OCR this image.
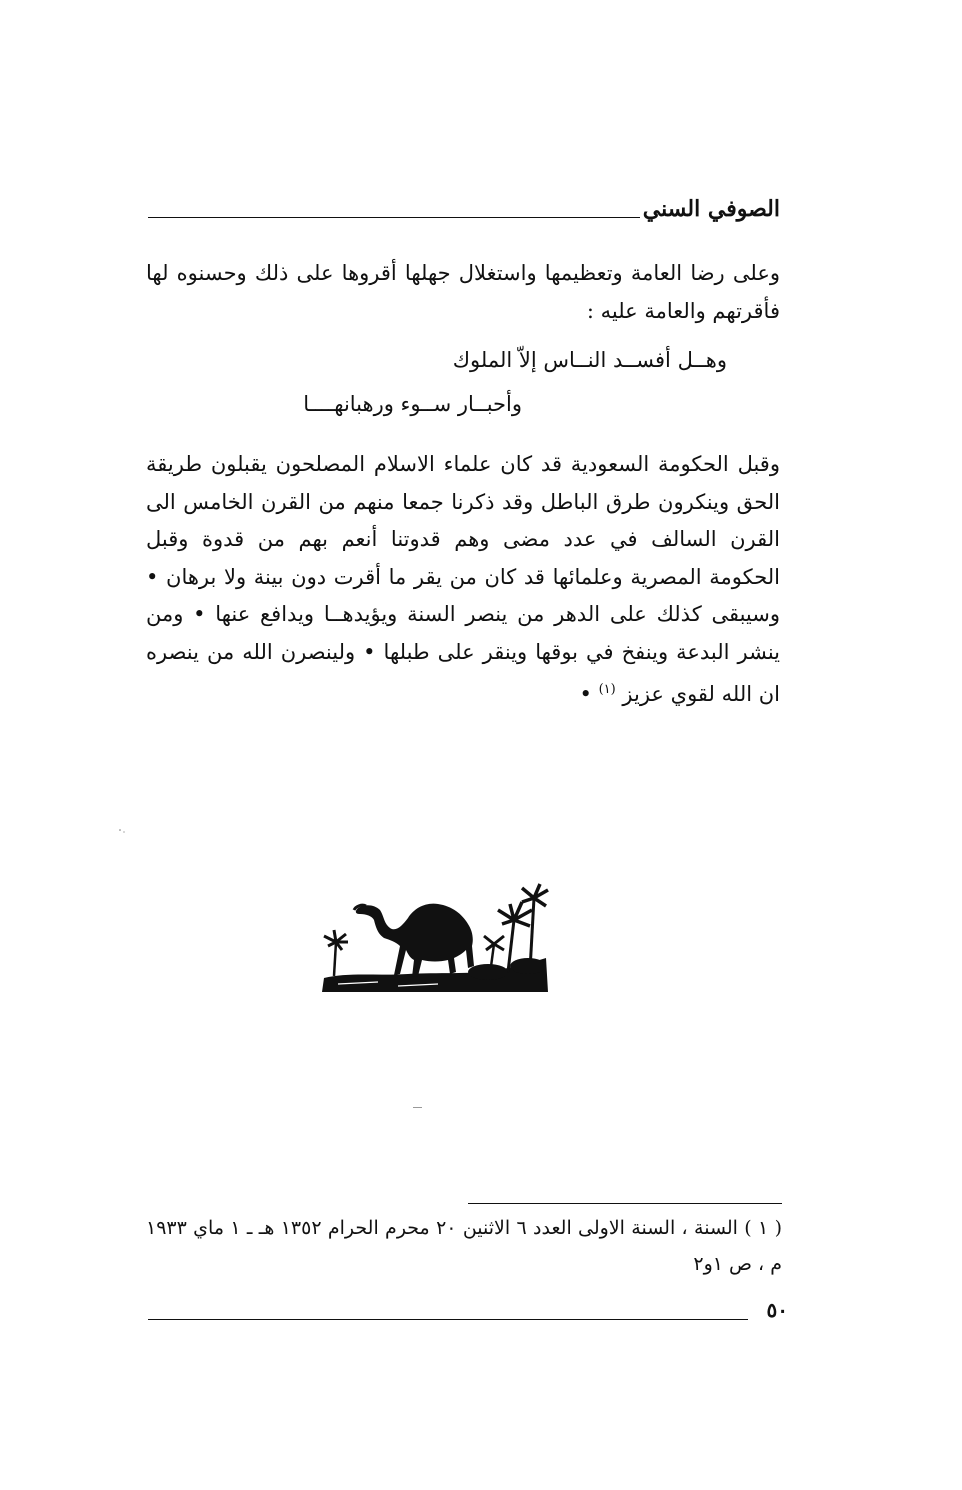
الصوفي السني

وعلى رضا العامة وتعظيمها واستغلال جهلها أقروها على ذلك وحسنوه لها فأقرتهم والعامة عليه :

وهــل أفســد النــاس إلاّ الملوك
وأحبــار ســوء ورهبانهــــا

وقبل الحكومة السعودية قد كان علماء الاسلام المصلحون يقبلون طريقة الحق وينكرون طرق الباطل وقد ذكرنا جمعا منهم من القرن الخامس الى القرن السالف في عدد مضى وهم قدوتنا أنعم بهم من قدوة وقبل الحكومة المصرية وعلمائها قد كان من يقر ما أقرت دون بينة ولا برهان • وسيبقى كذلك على الدهر من ينصر السنة ويؤيدهــا ويدافع عنها • ومن ينشر البدعة وينفخ في بوقها وينقر على طبلها • ولينصرن الله من ينصره ان الله لقوي عزيز $^{(١)}$ •

( ١ ) السنة ، السنة الاولى العدد ٦ الاثنين ٢٠ محرم الحرام ١٣٥٢ هـ ـ ١ ماي ١٩٣٣ م ، ص ١و٢

٥٠
